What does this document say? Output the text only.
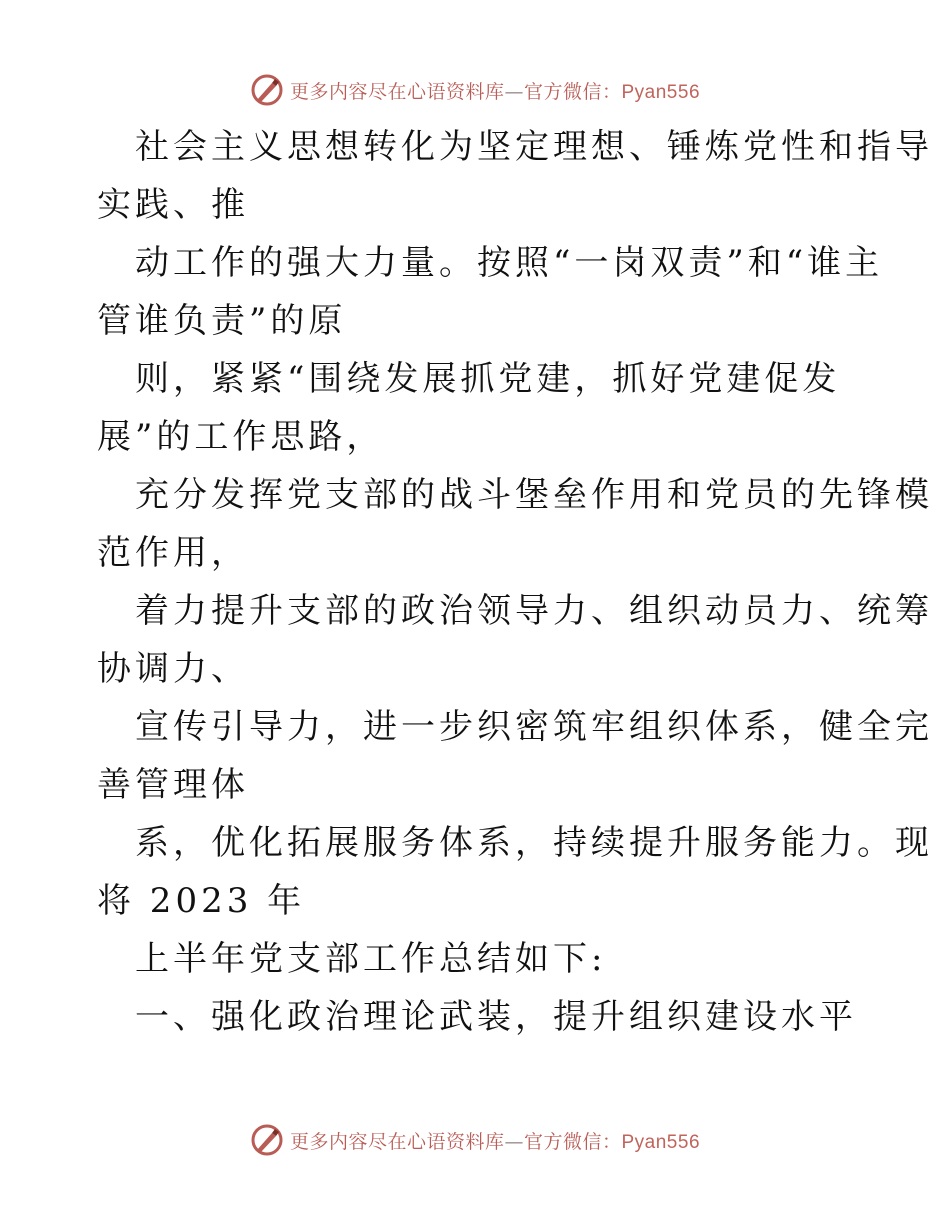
更多内容尽在心语资料库—官方微信：Pyan556

社会主义思想转化为坚定理想、锤炼党性和指导

实践、推

动工作的强大力量。按照“一岗双责”和“谁主

管谁负责”的原

则，紧紧“围绕发展抓党建，抓好党建促发

展”的工作思路，

充分发挥党支部的战斗堡垒作用和党员的先锋模

范作用，

着力提升支部的政治领导力、组织动员力、统筹

协调力、

宣传引导力，进一步织密筑牢组织体系，健全完

善管理体

系，优化拓展服务体系，持续提升服务能力。现

将 2023 年

上半年党支部工作总结如下:

一、强化政治理论武装，提升组织建设水平

更多内容尽在心语资料库—官方微信：Pyan556
